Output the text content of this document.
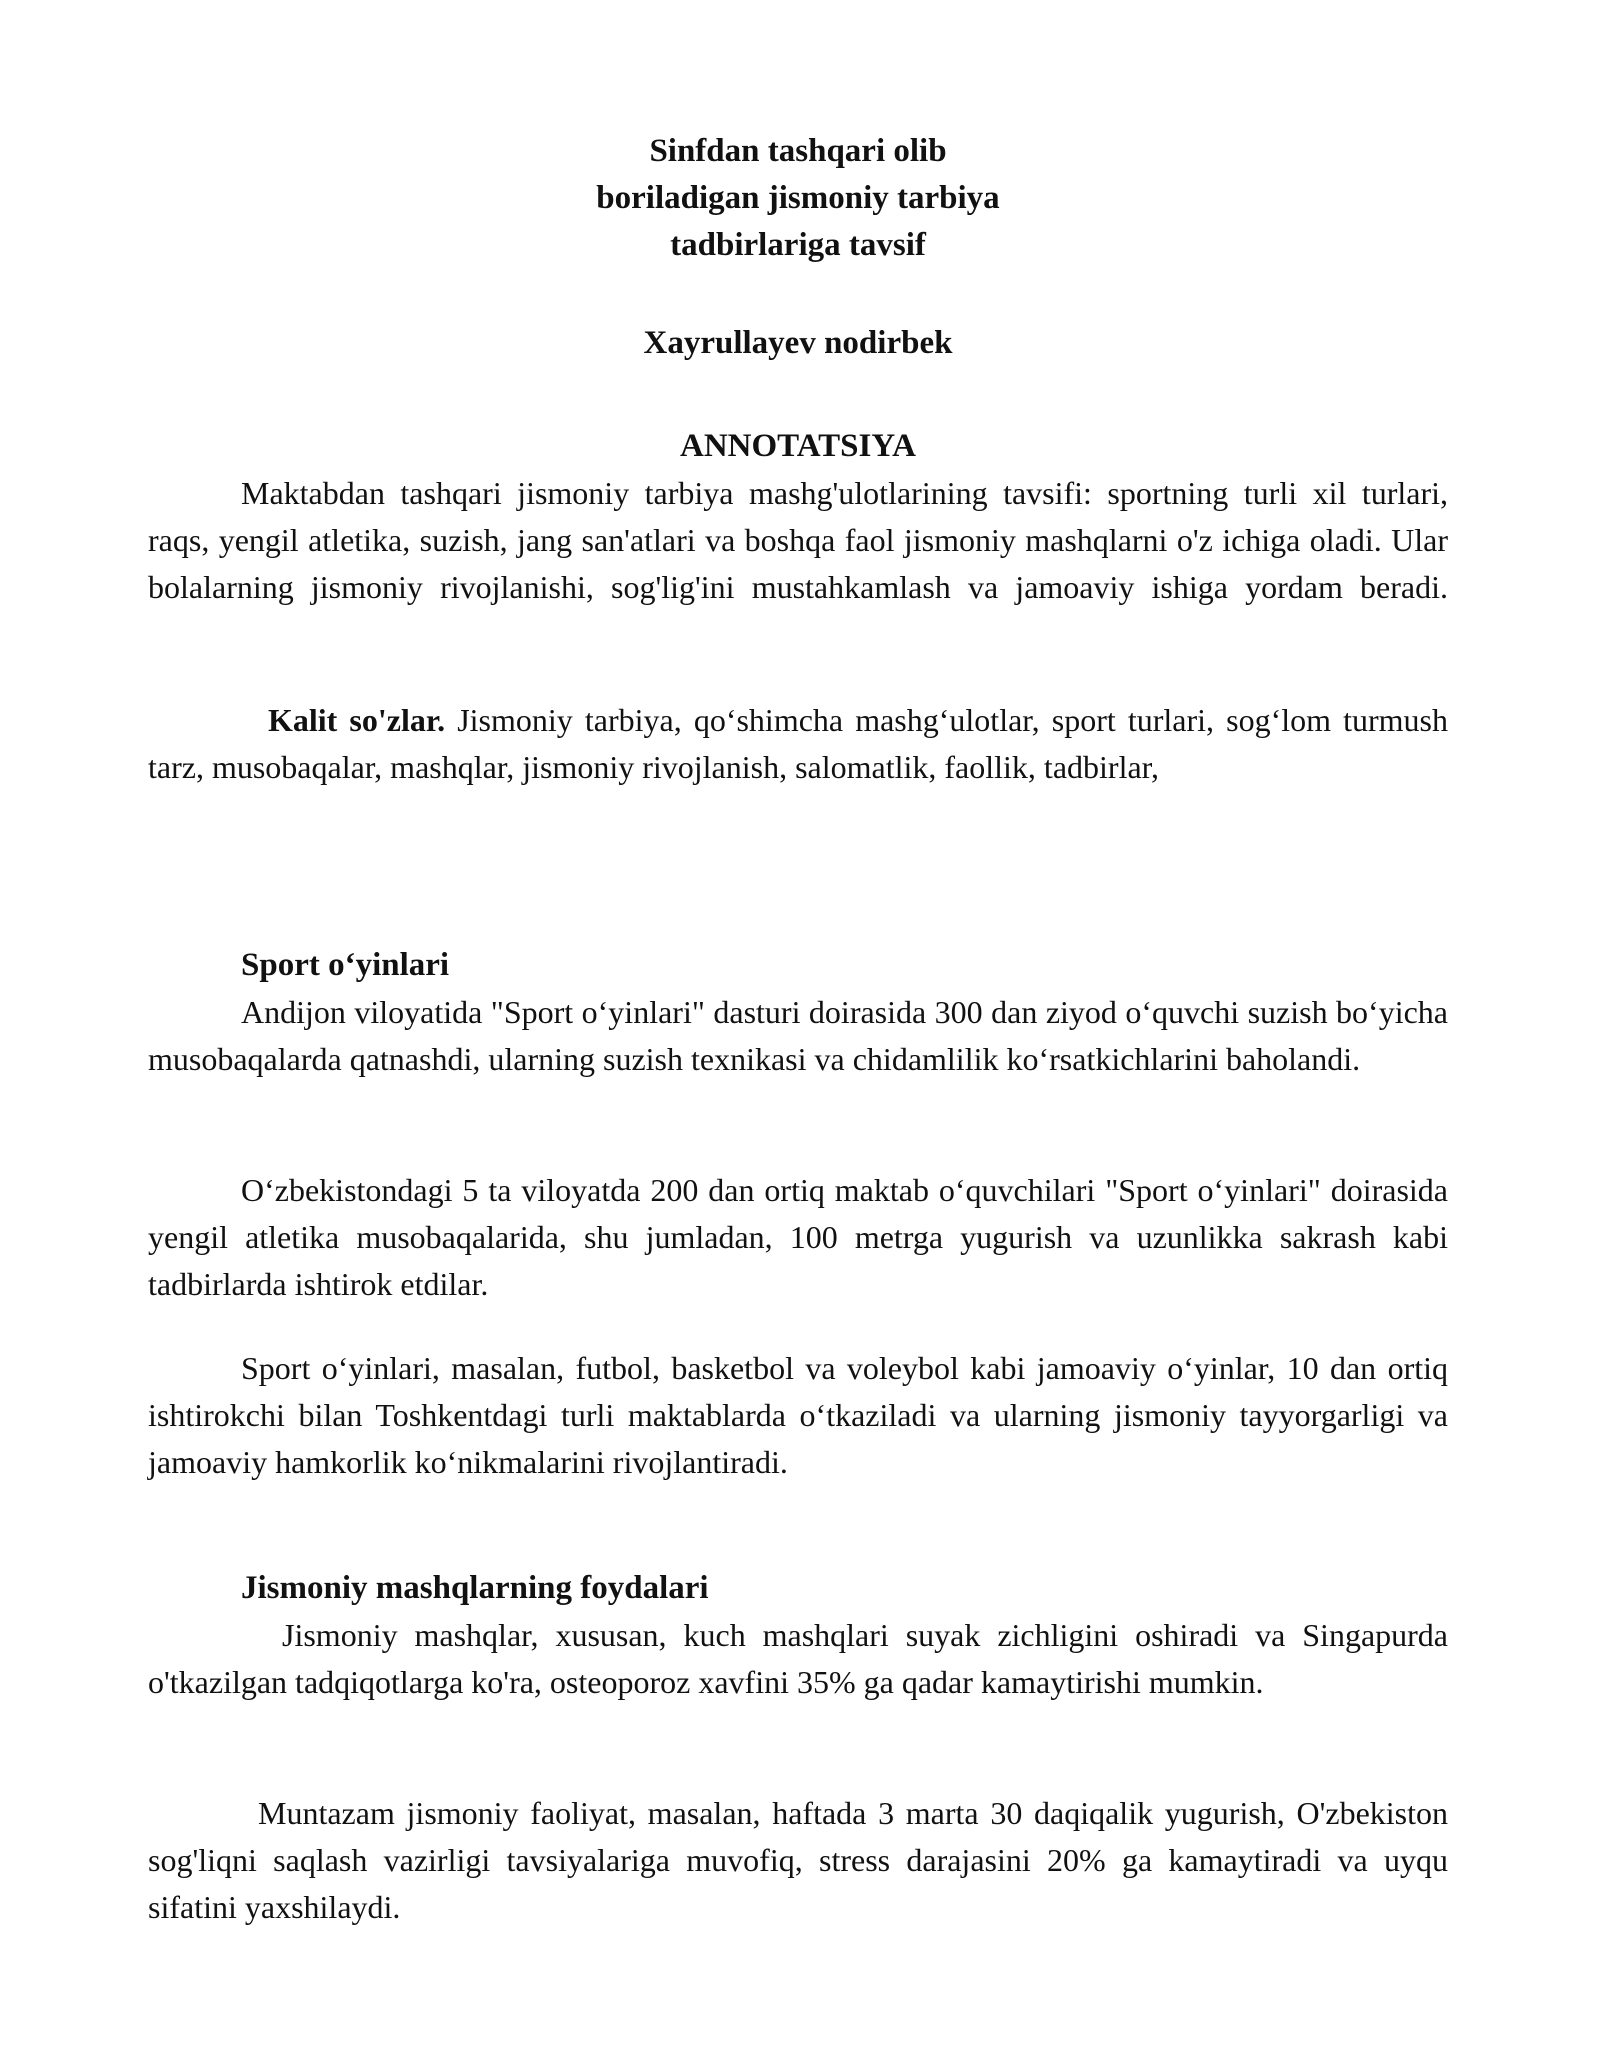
Sinfdan tashqari olib

boriladigan jismoniy tarbiya

tadbirlariga tavsif

Xayrullayev nodirbek
ANNOTATSIYA

Maktabdan tashqari jismoniy tarbiya mashg'ulotlarining tavsifi: sportning turli xil turlari, raqs, yengil atletika, suzish, jang san'atlari va boshqa faol jismoniy mashqlarni o'z ichiga oladi. Ular bolalarning jismoniy rivojlanishi, sog'lig'ini mustahkamlash va jamoaviy ishiga yordam beradi.

Kalit so'zlar. Jismoniy tarbiya, qo‘shimcha mashg‘ulotlar, sport turlari, sog‘lom turmush tarz, musobaqalar, mashqlar, jismoniy rivojlanish, salomatlik, faollik, tadbirlar,

Sport o‘yinlari

Andijon viloyatida "Sport o‘yinlari" dasturi doirasida 300 dan ziyod o‘quvchi suzish bo‘yicha musobaqalarda qatnashdi, ularning suzish texnikasi va chidamlilik ko‘rsatkichlarini baholandi.

O‘zbekistondagi 5 ta viloyatda 200 dan ortiq maktab o‘quvchilari "Sport o‘yinlari" doirasida yengil atletika musobaqalarida, shu jumladan, 100 metrga yugurish va uzunlikka sakrash kabi tadbirlarda ishtirok etdilar.

Sport o‘yinlari, masalan, futbol, basketbol va voleybol kabi jamoaviy o‘yinlar, 10 dan ortiq ishtirokchi bilan Toshkentdagi turli maktablarda o‘tkaziladi va ularning jismoniy tayyorgarligi va jamoaviy hamkorlik ko‘nikmalarini rivojlantiradi.

Jismoniy mashqlarning foydalari

Jismoniy mashqlar, xususan, kuch mashqlari suyak zichligini oshiradi va Singapurda o'tkazilgan tadqiqotlarga ko'ra, osteoporoz xavfini 35% ga qadar kamaytirishi mumkin.

Muntazam jismoniy faoliyat, masalan, haftada 3 marta 30 daqiqalik yugurish, O'zbekiston sog'liqni saqlash vazirligi tavsiyalariga muvofiq, stress darajasini 20% ga kamaytiradi va uyqu sifatini yaxshilaydi.
